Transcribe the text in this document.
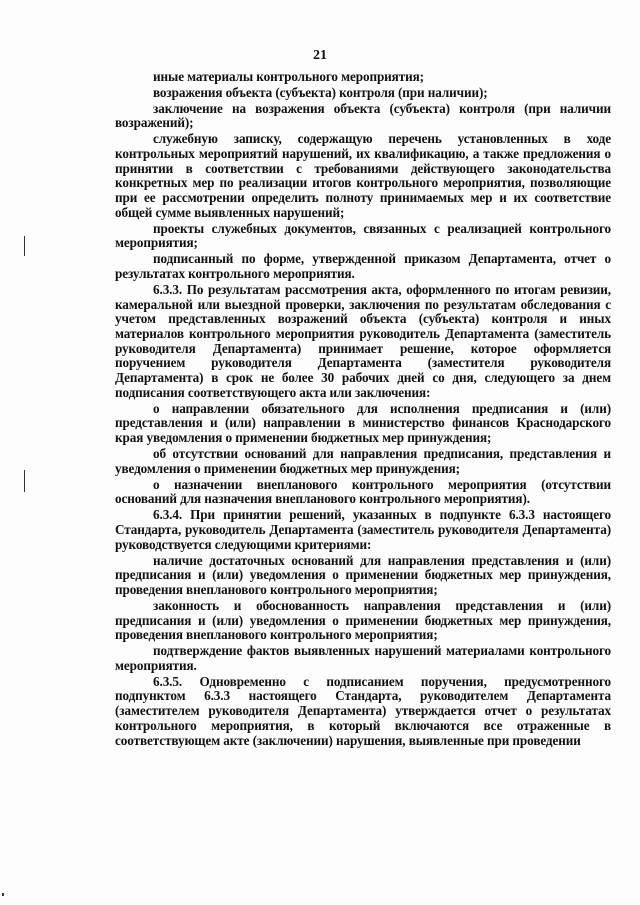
21

иные материалы контрольного мероприятия;

возражения объекта (субъекта) контроля (при наличии);

заключение на возражения объекта (субъекта) контроля (при наличии возражений);

служебную записку, содержащую перечень установленных в ходе контрольных мероприятий нарушений, их квалификацию, а также предложения о принятии в соответствии с требованиями действующего законодательства конкретных мер по реализации итогов контрольного мероприятия, позволяющие при ее рассмотрении определить полноту принимаемых мер и их соответствие общей сумме выявленных нарушений;

проекты служебных документов, связанных с реализацией контрольного мероприятия;

подписанный по форме, утвержденной приказом Департамента, отчет о результатах контрольного мероприятия.

6.3.3. По результатам рассмотрения акта, оформленного по итогам ревизии, камеральной или выездной проверки, заключения по результатам обследования с учетом представленных возражений объекта (субъекта) контроля и иных материалов контрольного мероприятия руководитель Департамента (заместитель руководителя Департамента) принимает решение, которое оформляется поручением руководителя Департамента (заместителя руководителя Департамента) в срок не более 30 рабочих дней со дня, следующего за днем подписания соответствующего акта или заключения:

о направлении обязательного для исполнения предписания и (или) представления и (или) направлении в министерство финансов Краснодарского края уведомления о применении бюджетных мер принуждения;

об отсутствии оснований для направления предписания, представления и уведомления о применении бюджетных мер принуждения;

о назначении внепланового контрольного мероприятия (отсутствии оснований для назначения внепланового контрольного мероприятия).

6.3.4. При принятии решений, указанных в подпункте 6.3.3 настоящего Стандарта, руководитель Департамента (заместитель руководителя Департамента) руководствуется следующими критериями:

наличие достаточных оснований для направления представления и (или) предписания и (или) уведомления о применении бюджетных мер принуждения, проведения внепланового контрольного мероприятия;

законность и обоснованность направления представления и (или) предписания и (или) уведомления о применении бюджетных мер принуждения, проведения внепланового контрольного мероприятия;

подтверждение фактов выявленных нарушений материалами контрольного мероприятия.

6.3.5. Одновременно с подписанием поручения, предусмотренного подпунктом 6.3.3 настоящего Стандарта, руководителем Департамента (заместителем руководителя Департамента) утверждается отчет о результатах контрольного мероприятия, в который включаются все отраженные в соответствующем акте (заключении) нарушения, выявленные при проведении
